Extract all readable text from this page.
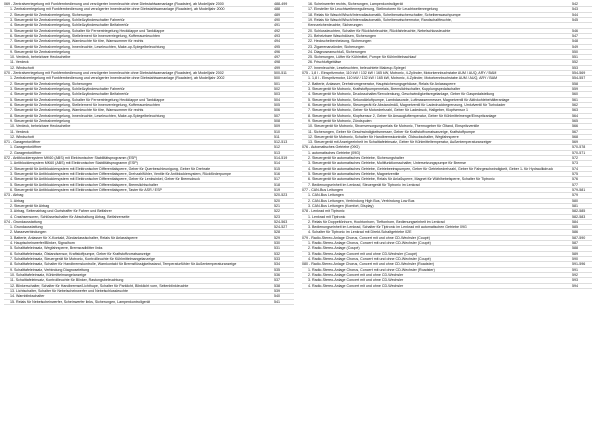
069 - Zentralverriegelung mit Funkfernbedienung und verzögerter Innenleuchte ohne Diebstahlwarnanlage (Roadster), ab Modelljahr 2000	488-499
1. Zentralverriegelung mit Funkfernbedienung und verzögerter Innenleuchte ohne Diebstahlwarnanlage (Roadster), ab Modelljahr 2000	488
2. Steuergerät für Zentralverriegelung, Sicherungen	489
3. Steuergerät für Zentralverriegelung, Schließzylinderschalter Fahrertür	490
4. Steuergerät für Zentralverriegelung, Schließzylinderschalter Beifahrertür	491
5. Steuergerät für Zentralverriegelung, Schalter für Fernentriegelung Heckklappe und Tankklappe	492
6. Steuergerät für Zentralverriegelung, Stellelement für Innenverriegelung, Kofferraumleuchten	493
7. Steuergerät für Zentralverriegelung, Warnleuchte für tiire, Warnsummer für rechts	494
8. Steuergerät für Zentralverriegelung, Innenleuchte, Leseleuchten, Make-up-Spiegelbeleuchtung	495
9. Steuergerät für Zentralverriegelung	496
10. Verdeck, beheizbare Heckscheibe	497
11. Verdeck	498
12. Windschott	499
070 - Zentralverriegelung mit Funkfernbedienung und verzögerter Innenleuchte ohne Diebstahlwarnanlage (Roadster), ab Modelljahr 2002	500-511
1. Zentralverriegelung mit Funkfernbedienung und verzögerter Innenleuchte ohne Diebstahlwarnanlage (Roadster), ab Modelljahr 2002	500
2. Steuergerät für Zentralverriegelung, Sicherungen	501
3. Steuergerät für Zentralverriegelung, Schließzylinderschalter Fahrertür	502
4. Steuergerät für Zentralverriegelung, Schließzylinderschalter Beifahrertür	503
5. Steuergerät für Zentralverriegelung, Schalter für Fernentriegelung Heckklappe und Tankklappe	504
6. Steuergerät für Zentralverriegelung, Stellelement für Innenverriegelung, Kofferraumleuchten	505
7. Steuergerät für Zentralverriegelung, Warnleuchte für tiire, Warnsummer für rechts	506
8. Steuergerät für Zentralverriegelung, Innenleuchte, Leseleuchten, Make-up-Spiegelbeleuchtung	507
9. Steuergerät für Zentralverriegelung	508
10. Verdeck, beheizbare Heckscheibe	509
11. Verdeck	510
12. Windschott	511
071 - Garagentoröffner	512-513
1. Garagentoröffner	512
2. Garagentoröffner	513
072 - Antiblockiersystem MK60 (ABS) mit Elektronischer Stabilitätsprogramm (ESP)	514-519
1. Antiblockiersystem MK60 (ABS) mit Elektronischer Stabilitätsprogramm (ESP)	514
2. Steuergerät für Antiblockiersystem mit Elektronischer Differentialsperre, Geber für Querbeschleunigung, Geber für Drehrate	515
3. Steuergerät für Antiblockiersystem mit Elektronischer Differentialsperre, Drehzahlfühler, Ventile für Antiblockiersystem, Rückförderpumpe	516
4. Steuergerät für Antiblockiersystem mit Elektronischer Differentialsperre, Geber für Lenkwinkel, Geber für Bremsdruck	517
5. Steuergerät für Antiblockiersystem mit Elektronischer Differentialsperre, Bremslichtschalter	518
6. Steuergerät für Antiblockiersystem mit Elektronischer Differentialsperre, Taster für ASR / ESP	519
073 - Airbag	520-523
1. Airbag	520
2. Steuergerät für Airbag	521
3. Airbag, Seitenairbag und Gurtstraffer für Fahrer und Beifahrer	522
4. Crashsensoren, Schlüsselschalter für Abschaltung Airbag, Beifahrerseite	523
074 - Grundausstattung	524-563
1. Grundausstattung	524-527
2. Masseverbindungen	528
3. Batterie, Anlasser für X-Kontakt, Zündanlasslschalter, Relais für Anlasslsperre	529
4. Hauptscheinwerfer/Blinker, Signalhorn	530
5. Schalttafeleinsatz, Wegfahrsperre, Bremsradblitter links	531
6. Schalttafeleinsatz, Ölstandsensor, Kraftstoffpumpe, Geber für Kraftstoffvorratsanzeige	532
7. Schalttafeleinsatz, Steuergerät für Motronic, Kontrollleuchte für Kühlmittelmangelanzeige	533
8. Schalttafeleinsatz, Schalter für Handbremskontrolle, Warnkontakt für Bremsflüssigkeitsstand, Temperaturfühler für Außentemperaturanzeige	534
9. Schalttafeleinsatz, Verbindung Diagnoseleitung	535
10. Schalttafeleinsatz, Kühlmittelmangelanzeige	536
11. Schalttafeleinsatz, Kontrollleuchte für Blinker, Rastungsbeleuchtung	537
12. Blinkerschalter, Schalter für Handbremse/Lichthupe, Schalter für Parklicht, Blinklicht vorn, Seitenblinkleuchte	538
13. Lichtschalter, Schalter für Nebelscheinwerfer und Nebelschlussleuchte	539
14. Warnblinkschalter	540
15. Relais für Nebelscheinwerfer, Scheinwerfer links, Sicherungen, Lampenkontrollgerät	541
16. Scheinwerfer rechts, Sicherungen, Lampenkontrollgerät	542
17. Einsteller für Leuchtweitenregulierung, Stellmotoren für Leuchtweitenregelung	543
18. Relais für Wasch/Wisch/Intervallautomatik, Scheibenwischerschalter, Scheibenwaschpumpe	544
19. Relais für Wasch/Wisch/Intervallautomatik, Scheibenwischermotor, Randschaltfeuchte,	545
Kennzeichenleuchte, Sicherungen
20. Schlussleuchten, Schalter für Rückfahrleuchte, Rückfahrleuchte, Nebelschlussleuchte	546
21. Beheizbare Waschdüsen, Sicherungen	547
22. Heckscheibenheizung, Sicherungen	548
23. Zigarrenanzünder, Sicherungen	549
24. Diagnoseanschluß, Sicherungen	550
25. Sicherungen, Lüfter für Kühlmittel, Pumpe für Kühlmittelnachlauf	551
26. Frischluftgebläse	552
27. Innenleuchte, Leseleuchten, beleuchtete Makeup-Spiegel	553
075 - 1,8 l - Einspritzmotor, 110 kW / 132 kW / 165 kW, Motronic, 4-Zylinder, Motorkennbuchstabe AUM / AUQ, ARY / BAM	554-569
1. 1,8 l - Einspritzmotor, 110 kW / 132 kW / 165 kW, Motronic, 4-Zylinder, Motorkennbuchstabe AUM / AUQ, ARY / BAM	554-557
2. Batterie, Anlasser, Drehstromgenerator, Hauptsicherungsgehäuse, Relais für Anlasssperre	558
3. Steuergerät für Motronic, Kraftstoffpumpenrelais, Bremslichtschalter, Kupplungspedalschalter	559
4. Steuergerät für Motronic, Drucksschalter/Servolenkung, Geschwindigkeitsregelanlage, Geber für Gaspedalstellung	560
5. Steuergerät für Motronic, Sekundärluftpumpe, Lambdasonde, Luftmassenmesser, Magnetventil für Aktivkohlebehälteranlage	561
6. Steuergerät für Motronic, Steuergerät für Abstandmäß, Magnetventil für Ladedruckbegrenzung, Umlufventil für Turbolader	562
7. Steuergerät für Motronic, Geber für Motordrehzahl, Geber für Ladedruck, Hallgeber, Klopfsensor 1	563
8. Steuergerät für Motronic, Klopfsensor 2, Geber für Ansaugluftemperatur, Geber für Kühlmittelmenge/Einspritzanlage	564
9. Steuergerät für Motronic, Zündspulen	565
10. Steuergerät für Motronic, Stromversorgungsrelais für Motronic, Thermogeber für Öltand, Einspritzventile	566
11. Sicherungen, Geber für Geschwindigkeitsmesser, Geber für Kraftstoffvorratsanzeige, Kraftstoffpumpe	567
12. Steuergerät für Motronic, Schalter für Handbremskontrolle, Öldruckschalter, Wegfahrsperre	568
13. Steuergerät mit Anzeigeeinheit im Schalttafeleinsatz, Geber für Kühlmitteltemperatur, Außentemperaturanzeiger	569
076 - Automatisches Getriebe (09G)	570-578
1. automatisches Getriebe (09G)	570-571
2. Steuergerät für automatisches Getriebe, Sicherungshalter	572
3. Steuergerät für automatisches Getriebe, Multifunktionsschalter, Untersetzungspumpe für Bremse	573
4. Steuergerät für automatisches Getriebe, Getriebeeinspumpen, Geber für Getriebedrehzahl, Geber für Fahrgeschwindigkeit, Geber 1- für Hydraulikdruck	574
5. Steuergerät für automatisches Getriebe, Magnetventile	575
6. Steuergerät für automatisches Getriebe, Relais für Anlaßsperre, Magnet für Wählhebelsperre, Schalter für Tiptronic	576
7. Bedienungseinheit im Lenkrad, Steuergerät für Tiptronic im Lenkrad	577
077 - CAN-Bus Leitungen	579-581
1. CAN-Bus Leitungen	579
2. CAN-Bus Leitungen, Verbindung High Bus, Verbindung Low Bus	580
3. CAN-Bus Leitungen (Komfort, Display)	581
078 - Lenkrad mit Tiptronic	582-585
1. Lenkrad mit Tiptronic	582-583
2. Relais für Doppeltönhorn, Hochtonhorn, Tieftonhorn, Bedienungseinheit im Lenkrad	584
3. Bedienungseinheit im Lenkrad, Schalter für Tiptronic im Lenkrad mit automatischen Getriebe 09G	585
4. Schalter für Tiptronic im Lenkrad mit Direkt-Schaltgetriebe 02E	586
079 - Radio-Stereo-Anlage Chorus, Concert mit und ohne CD-Wechsler (Coupé)	587-590
1. Radio-Stereo-Anlage Chorus, Concert mit und ohne CD-Wechsler (Coupé)	587
2. Radio-Stereo-Anlage (Coupé)	588
3. Radio-Stereo-Anlage Concert mit und ohne CD-Wechsler (Coupé)	589
4. Radio-Stereo-Anlage Chorus, Concert mit und ohne CD-Wechsler (Coupé)	590
080 - Radio-Stereo-Anlage Chorus, Concert mit und ohne CD-Wechsler (Roadster)	591-596
1. Radio-Stereo-Anlage Chorus, Concert mit und ohne CD-Wechsler (Roadster)	591
2. Radio-Stereo-Anlage Concert mit und ohne CD-Wechsler	592
3. Radio-Stereo-Anlage Concert mit und ohne CD-Wechsler	593
4. Radio-Stereo-Anlage Concert mit und ohne CD-Wechsler	594
